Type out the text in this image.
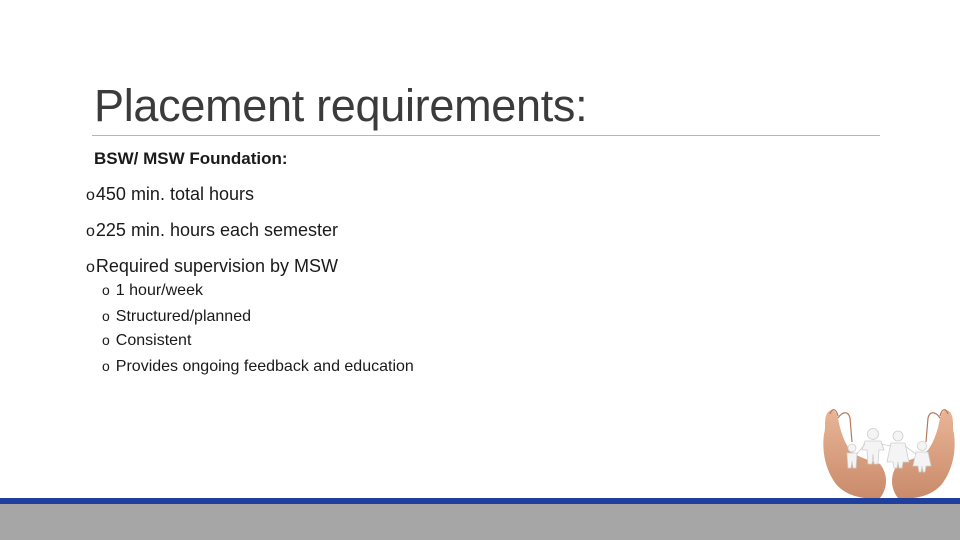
Placement requirements:
BSW/ MSW Foundation:
o450 min. total hours
o225 min. hours each semester
oRequired supervision by MSW
o 1 hour/week
o Structured/planned
o Consistent
o Provides ongoing feedback and education
